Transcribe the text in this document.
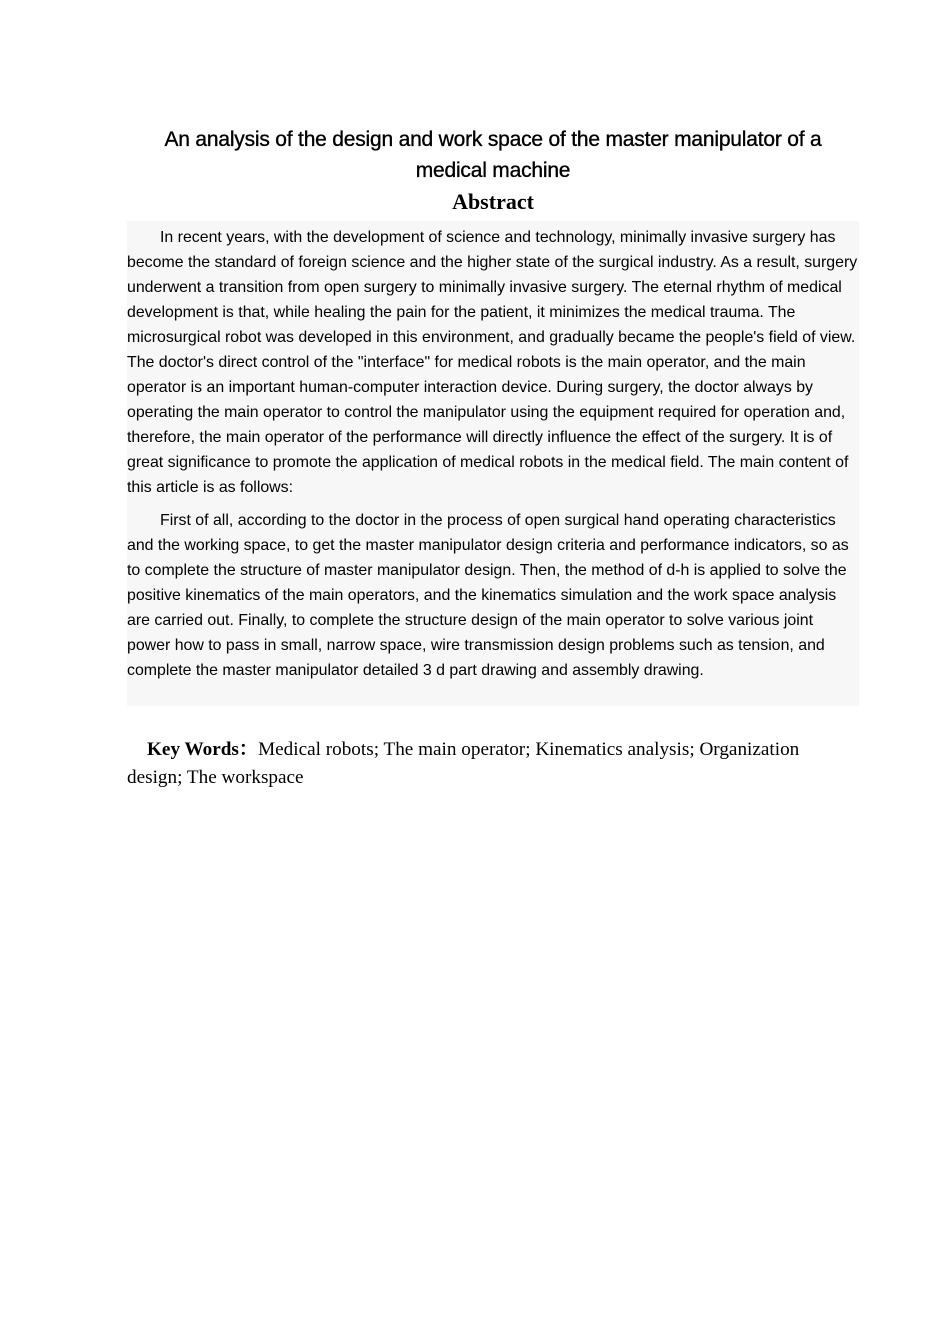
An analysis of the design and work space of the master manipulator of a medical machine
Abstract

In recent years, with the development of science and technology, minimally invasive surgery has become the standard of foreign science and the higher state of the surgical industry. As a result, surgery underwent a transition from open surgery to minimally invasive surgery. The eternal rhythm of medical development is that, while healing the pain for the patient, it minimizes the medical trauma. The microsurgical robot was developed in this environment, and gradually became the people's field of view. The doctor's direct control of the "interface" for medical robots is the main operator, and the main operator is an important human-computer interaction device. During surgery, the doctor always by operating the main operator to control the manipulator using the equipment required for operation and, therefore, the main operator of the performance will directly influence the effect of the surgery. It is of great significance to promote the application of medical robots in the medical field. The main content of this article is as follows:

First of all, according to the doctor in the process of open surgical hand operating characteristics and the working space, to get the master manipulator design criteria and performance indicators, so as to complete the structure of master manipulator design. Then, the method of d-h is applied to solve the positive kinematics of the main operators, and the kinematics simulation and the work space analysis are carried out. Finally, to complete the structure design of the main operator to solve various joint power how to pass in small, narrow space, wire transmission design problems such as tension, and complete the master manipulator detailed 3 d part drawing and assembly drawing.

Key Words：Medical robots; The main operator; Kinematics analysis; Organization design; The workspace
